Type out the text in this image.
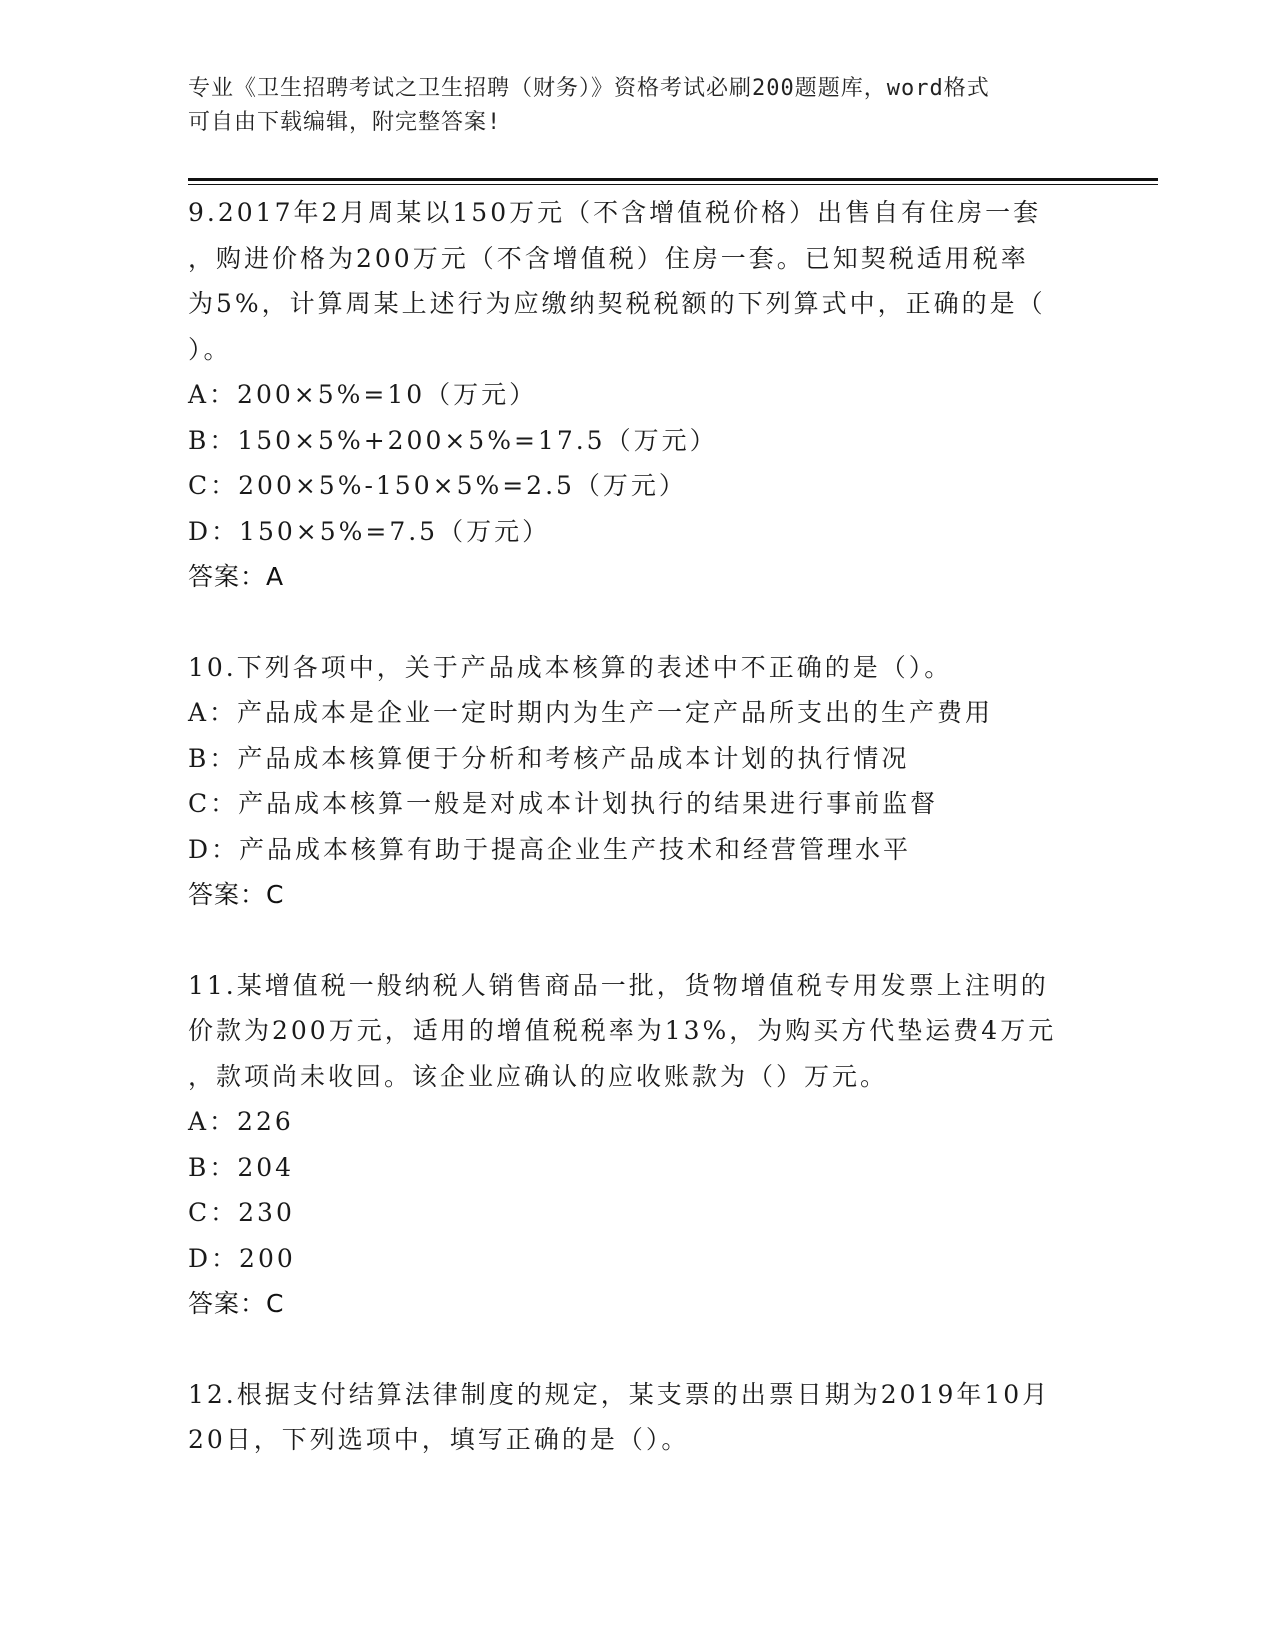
专业《卫生招聘考试之卫生招聘（财务）》资格考试必刷200题题库，word格式
可自由下载编辑，附完整答案!
9.2017年2月周某以150万元（不含增值税价格）出售自有住房一套
，购进价格为200万元（不含增值税）住房一套。已知契税适用税率
为5%，计算周某上述行为应缴纳契税税额的下列算式中，正确的是（
）。
A：200×5%=10（万元）
B：150×5%+200×5%=17.5（万元）
C：200×5%-150×5%=2.5（万元）
D：150×5%=7.5（万元）
答案：A
10.下列各项中，关于产品成本核算的表述中不正确的是（）。
A：产品成本是企业一定时期内为生产一定产品所支出的生产费用
B：产品成本核算便于分析和考核产品成本计划的执行情况
C：产品成本核算一般是对成本计划执行的结果进行事前监督
D：产品成本核算有助于提高企业生产技术和经营管理水平
答案：C
11.某增值税一般纳税人销售商品一批，货物增值税专用发票上注明的
价款为200万元，适用的增值税税率为13%，为购买方代垫运费4万元
，款项尚未收回。该企业应确认的应收账款为（）万元。
A：226
B：204
C：230
D：200
答案：C
12.根据支付结算法律制度的规定，某支票的出票日期为2019年10月
20日，下列选项中，填写正确的是（）。
